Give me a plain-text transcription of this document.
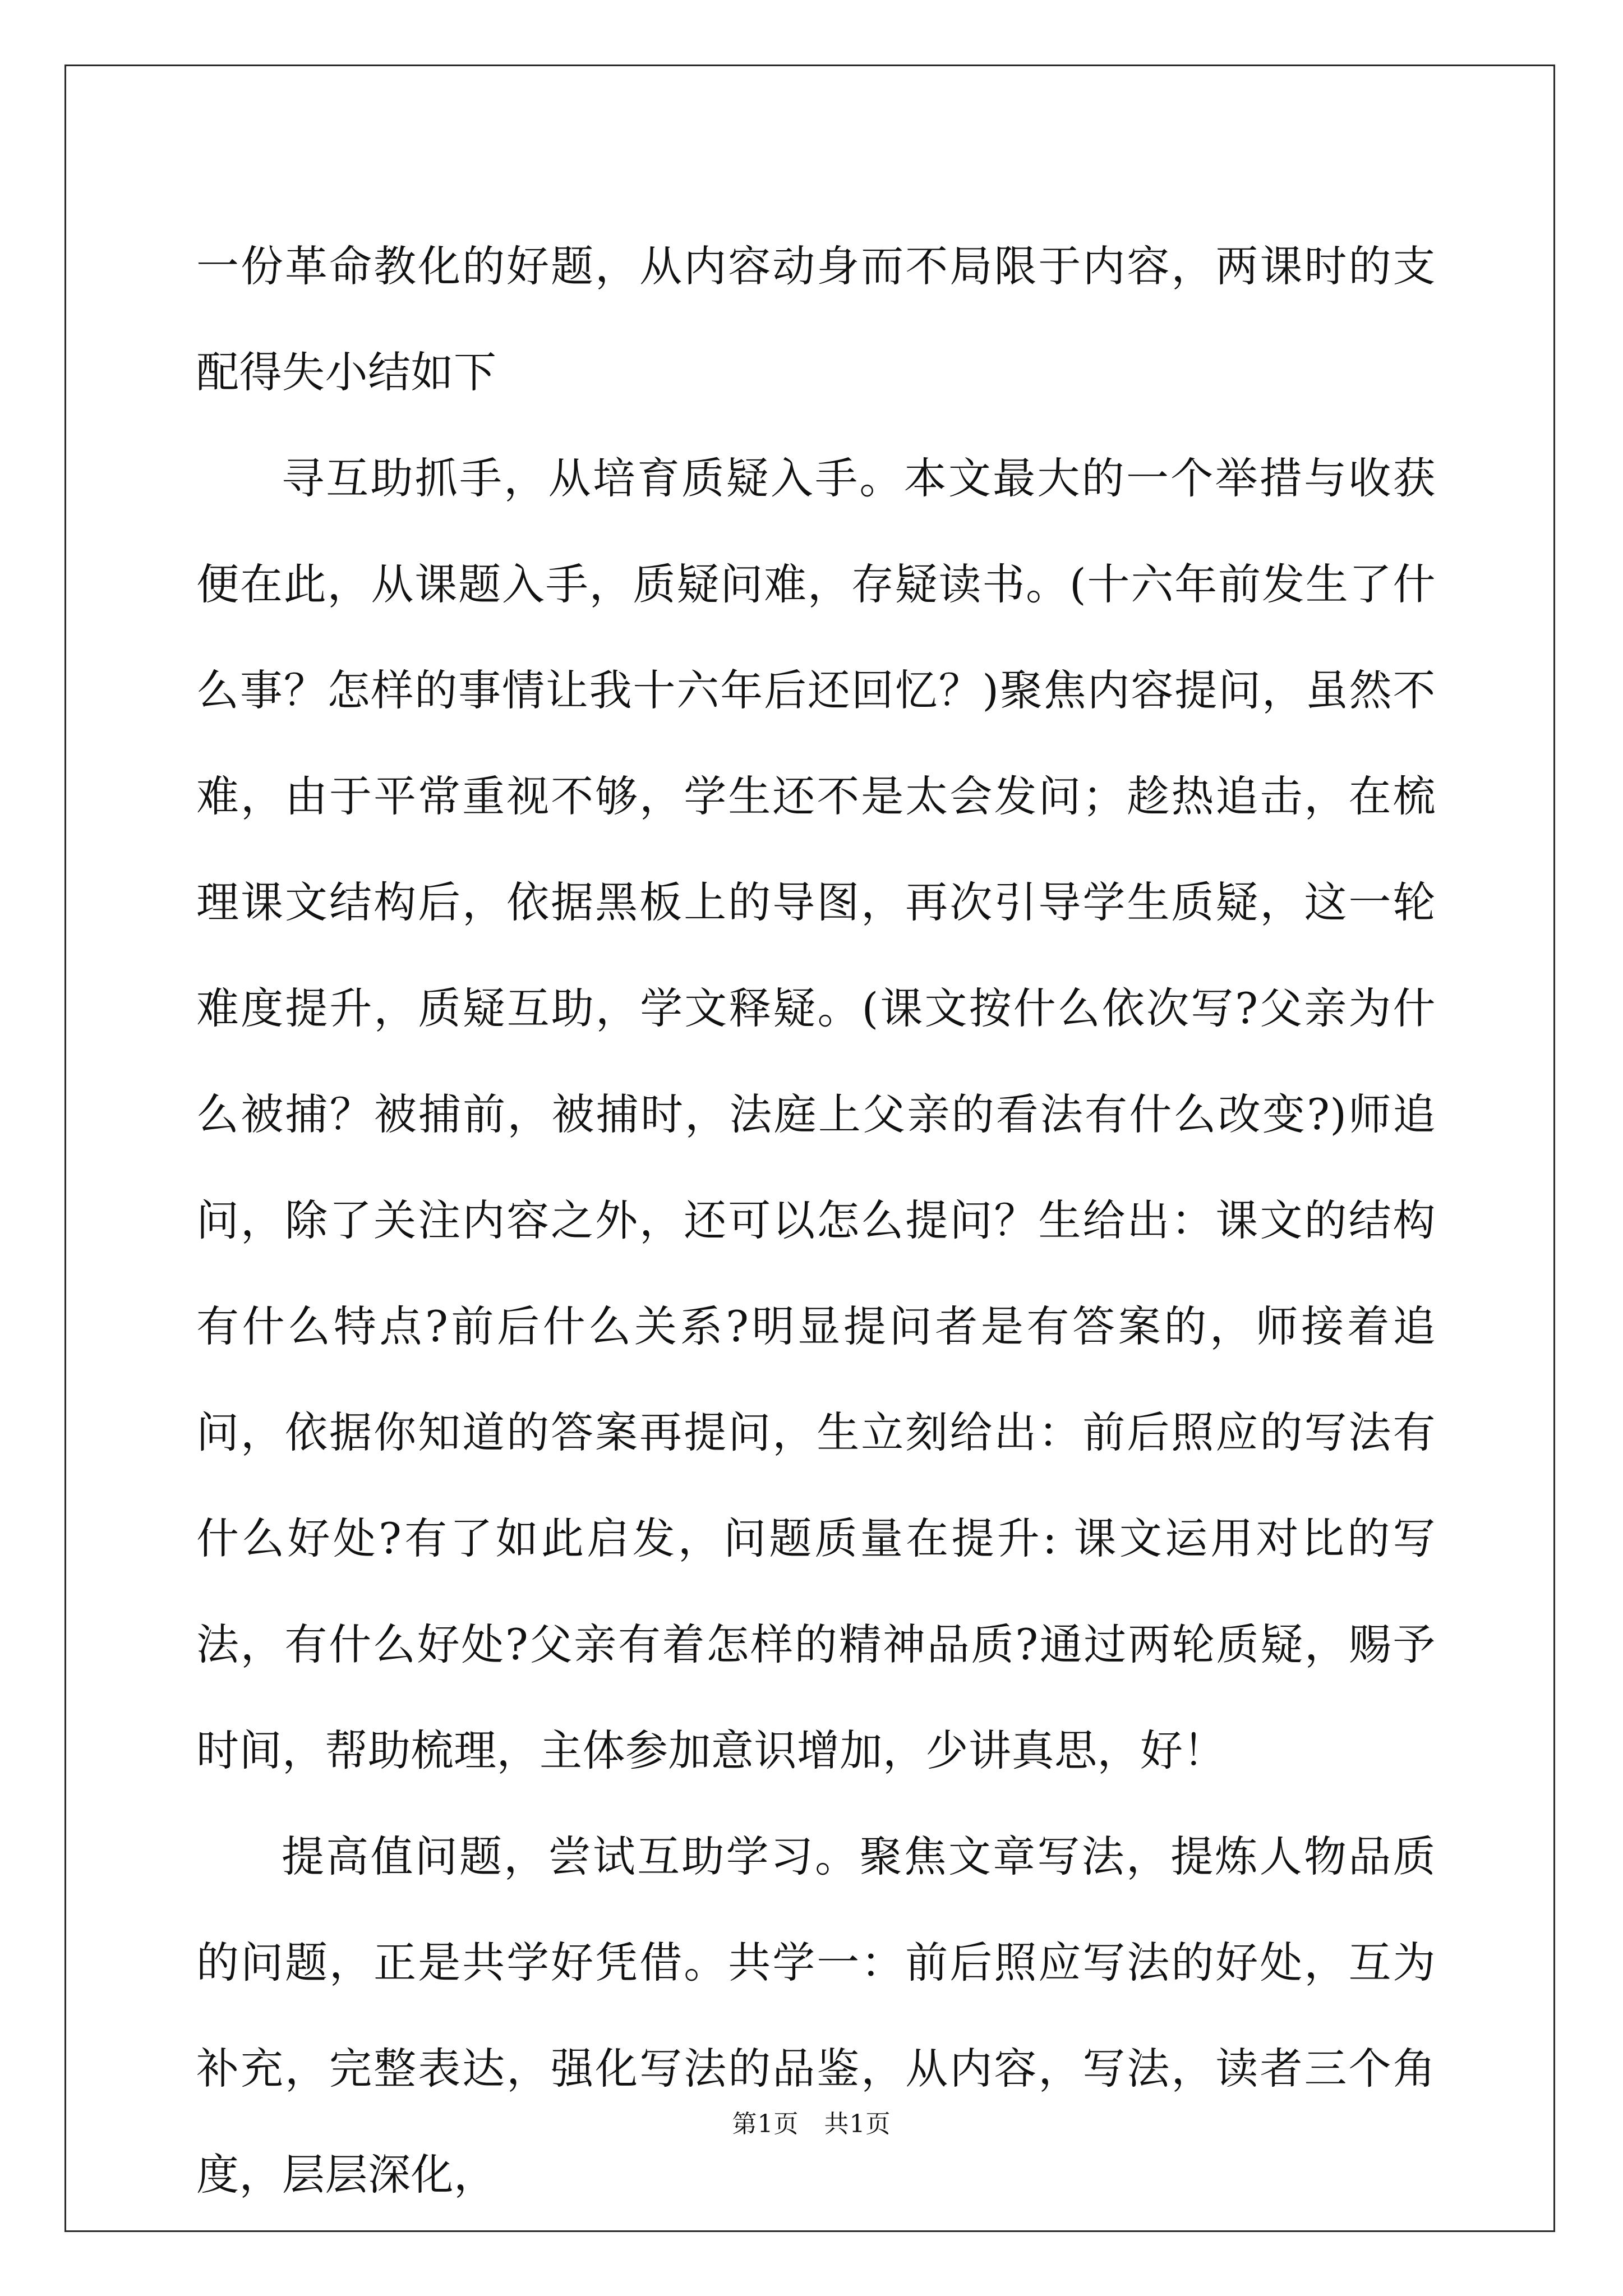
一份革命教化的好题，从内容动身而不局限于内容，两课时的支配得失小结如下

寻互助抓手，从培育质疑入手。本文最大的一个举措与收获便在此，从课题入手，质疑问难，存疑读书。(十六年前发生了什么事？怎样的事情让我十六年后还回忆？)聚焦内容提问，虽然不难，由于平常重视不够，学生还不是太会发问；趁热追击，在梳理课文结构后，依据黑板上的导图，再次引导学生质疑，这一轮难度提升，质疑互助，学文释疑。(课文按什么依次写?父亲为什么被捕？被捕前，被捕时，法庭上父亲的看法有什么改变?)师追问，除了关注内容之外，还可以怎么提问？生给出：课文的结构有什么特点?前后什么关系?明显提问者是有答案的，师接着追问，依据你知道的答案再提问，生立刻给出：前后照应的写法有什么好处?有了如此启发，问题质量在提升: 课文运用对比的写法，有什么好处?父亲有着怎样的精神品质?通过两轮质疑，赐予时间，帮助梳理，主体参加意识增加，少讲真思，好！

提高值问题，尝试互助学习。聚焦文章写法，提炼人物品质的问题，正是共学好凭借。共学一：前后照应写法的好处，互为补充，完整表达，强化写法的品鉴，从内容，写法，读者三个角度，层层深化，

第1页　共1页
